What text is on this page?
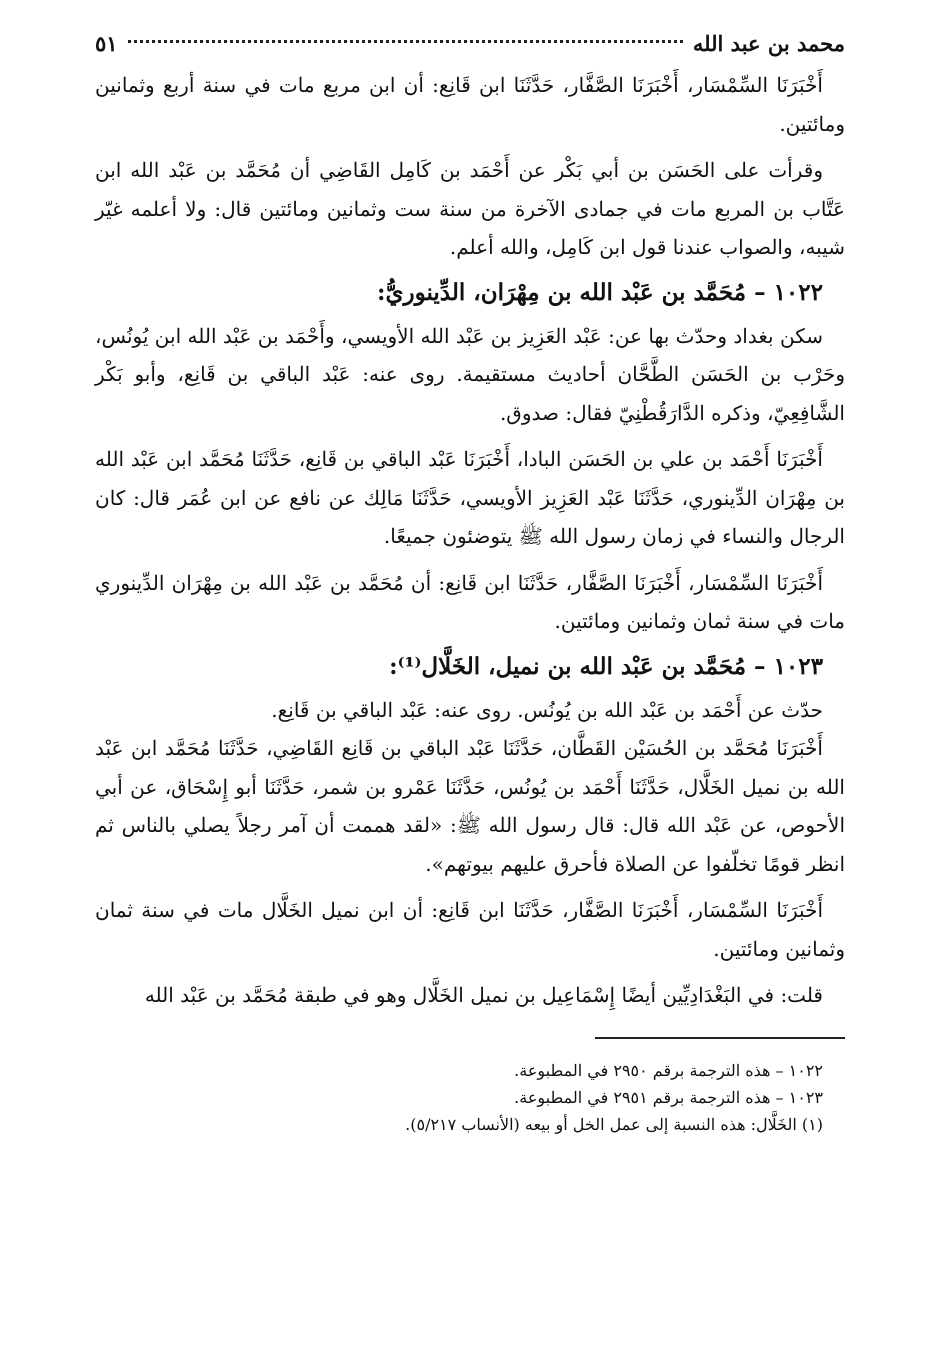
محمد بن عبد الله
٥١

أَخْبَرَنَا السِّمْسَار، أَخْبَرَنَا الصَّفَّار، حَدَّثَنَا ابن قَانِع: أن ابن مربع مات في سنة أربع وثمانين ومائتين.

وقرأت على الحَسَن بن أبي بَكْر عن أَحْمَد بن كَامِل القَاضِي أن مُحَمَّد بن عَبْد الله ابن عَتَّاب بن المربع مات في جمادى الآخرة من سنة ست وثمانين ومائتين قال: ولا أعلمه غيّر شيبه، والصواب عندنا قول ابن كَامِل، والله أعلم.

١٠٢٢ – مُحَمَّد بن عَبْد الله بن مِهْرَان، الدِّينوريُّ:

سكن بغداد وحدّث بها عن: عَبْد العَزِيز بن عَبْد الله الأويسي، وأَحْمَد بن عَبْد الله ابن يُونُس، وحَرْب بن الحَسَن الطَّحَّان أحاديث مستقيمة. روى عنه: عَبْد الباقي بن قَانِع، وأبو بَكْر الشَّافِعِيّ، وذكره الدَّارَقُطْنِيّ فقال: صدوق.

أَخْبَرَنَا أَحْمَد بن علي بن الحَسَن البادا، أَخْبَرَنَا عَبْد الباقي بن قَانِع، حَدَّثَنَا مُحَمَّد ابن عَبْد الله بن مِهْرَان الدِّينوري، حَدَّثَنَا عَبْد العَزِيز الأويسي، حَدَّثَنَا مَالِك عن نافع عن ابن عُمَر قال: كان الرجال والنساء في زمان رسول الله ﷺ يتوضئون جميعًا.

أَخْبَرَنَا السِّمْسَار، أَخْبَرَنَا الصَّفَّار، حَدَّثَنَا ابن قَانِع: أن مُحَمَّد بن عَبْد الله بن مِهْرَان الدِّينوري مات في سنة ثمان وثمانين ومائتين.

١٠٢٣ – مُحَمَّد بن عَبْد الله بن نميل، الخَلَّال⁽¹⁾:

حدّث عن أَحْمَد بن عَبْد الله بن يُونُس. روى عنه: عَبْد الباقي بن قَانِع.

أَخْبَرَنَا مُحَمَّد بن الحُسَيْن القَطَّان، حَدَّثَنَا عَبْد الباقي بن قَانِع القَاضِي، حَدَّثَنَا مُحَمَّد ابن عَبْد الله بن نميل الخَلَّال، حَدَّثَنَا أَحْمَد بن يُونُس، حَدَّثَنَا عَمْرو بن شمر، حَدَّثَنَا أبو إِسْحَاق، عن أبي الأحوص، عن عَبْد الله قال: قال رسول الله ﷺ: «لقد هممت أن آمر رجلاً يصلي بالناس ثم انظر قومًا تخلّفوا عن الصلاة فأحرق عليهم بيوتهم».

أَخْبَرَنَا السِّمْسَار، أَخْبَرَنَا الصَّفَّار، حَدَّثَنَا ابن قَانِع: أن ابن نميل الخَلَّال مات في سنة ثمان وثمانين ومائتين.

قلت: في البَغْدَادِيِّين أيضًا إِسْمَاعِيل بن نميل الخَلَّال وهو في طبقة مُحَمَّد بن عَبْد الله

١٠٢٢ – هذه الترجمة برقم ٢٩٥٠ في المطبوعة.
١٠٢٣ – هذه الترجمة برقم ٢٩٥١ في المطبوعة.
(١) الخَلَّال: هذه النسبة إلى عمل الخل أو بيعه (الأنساب ٥/٢١٧).
